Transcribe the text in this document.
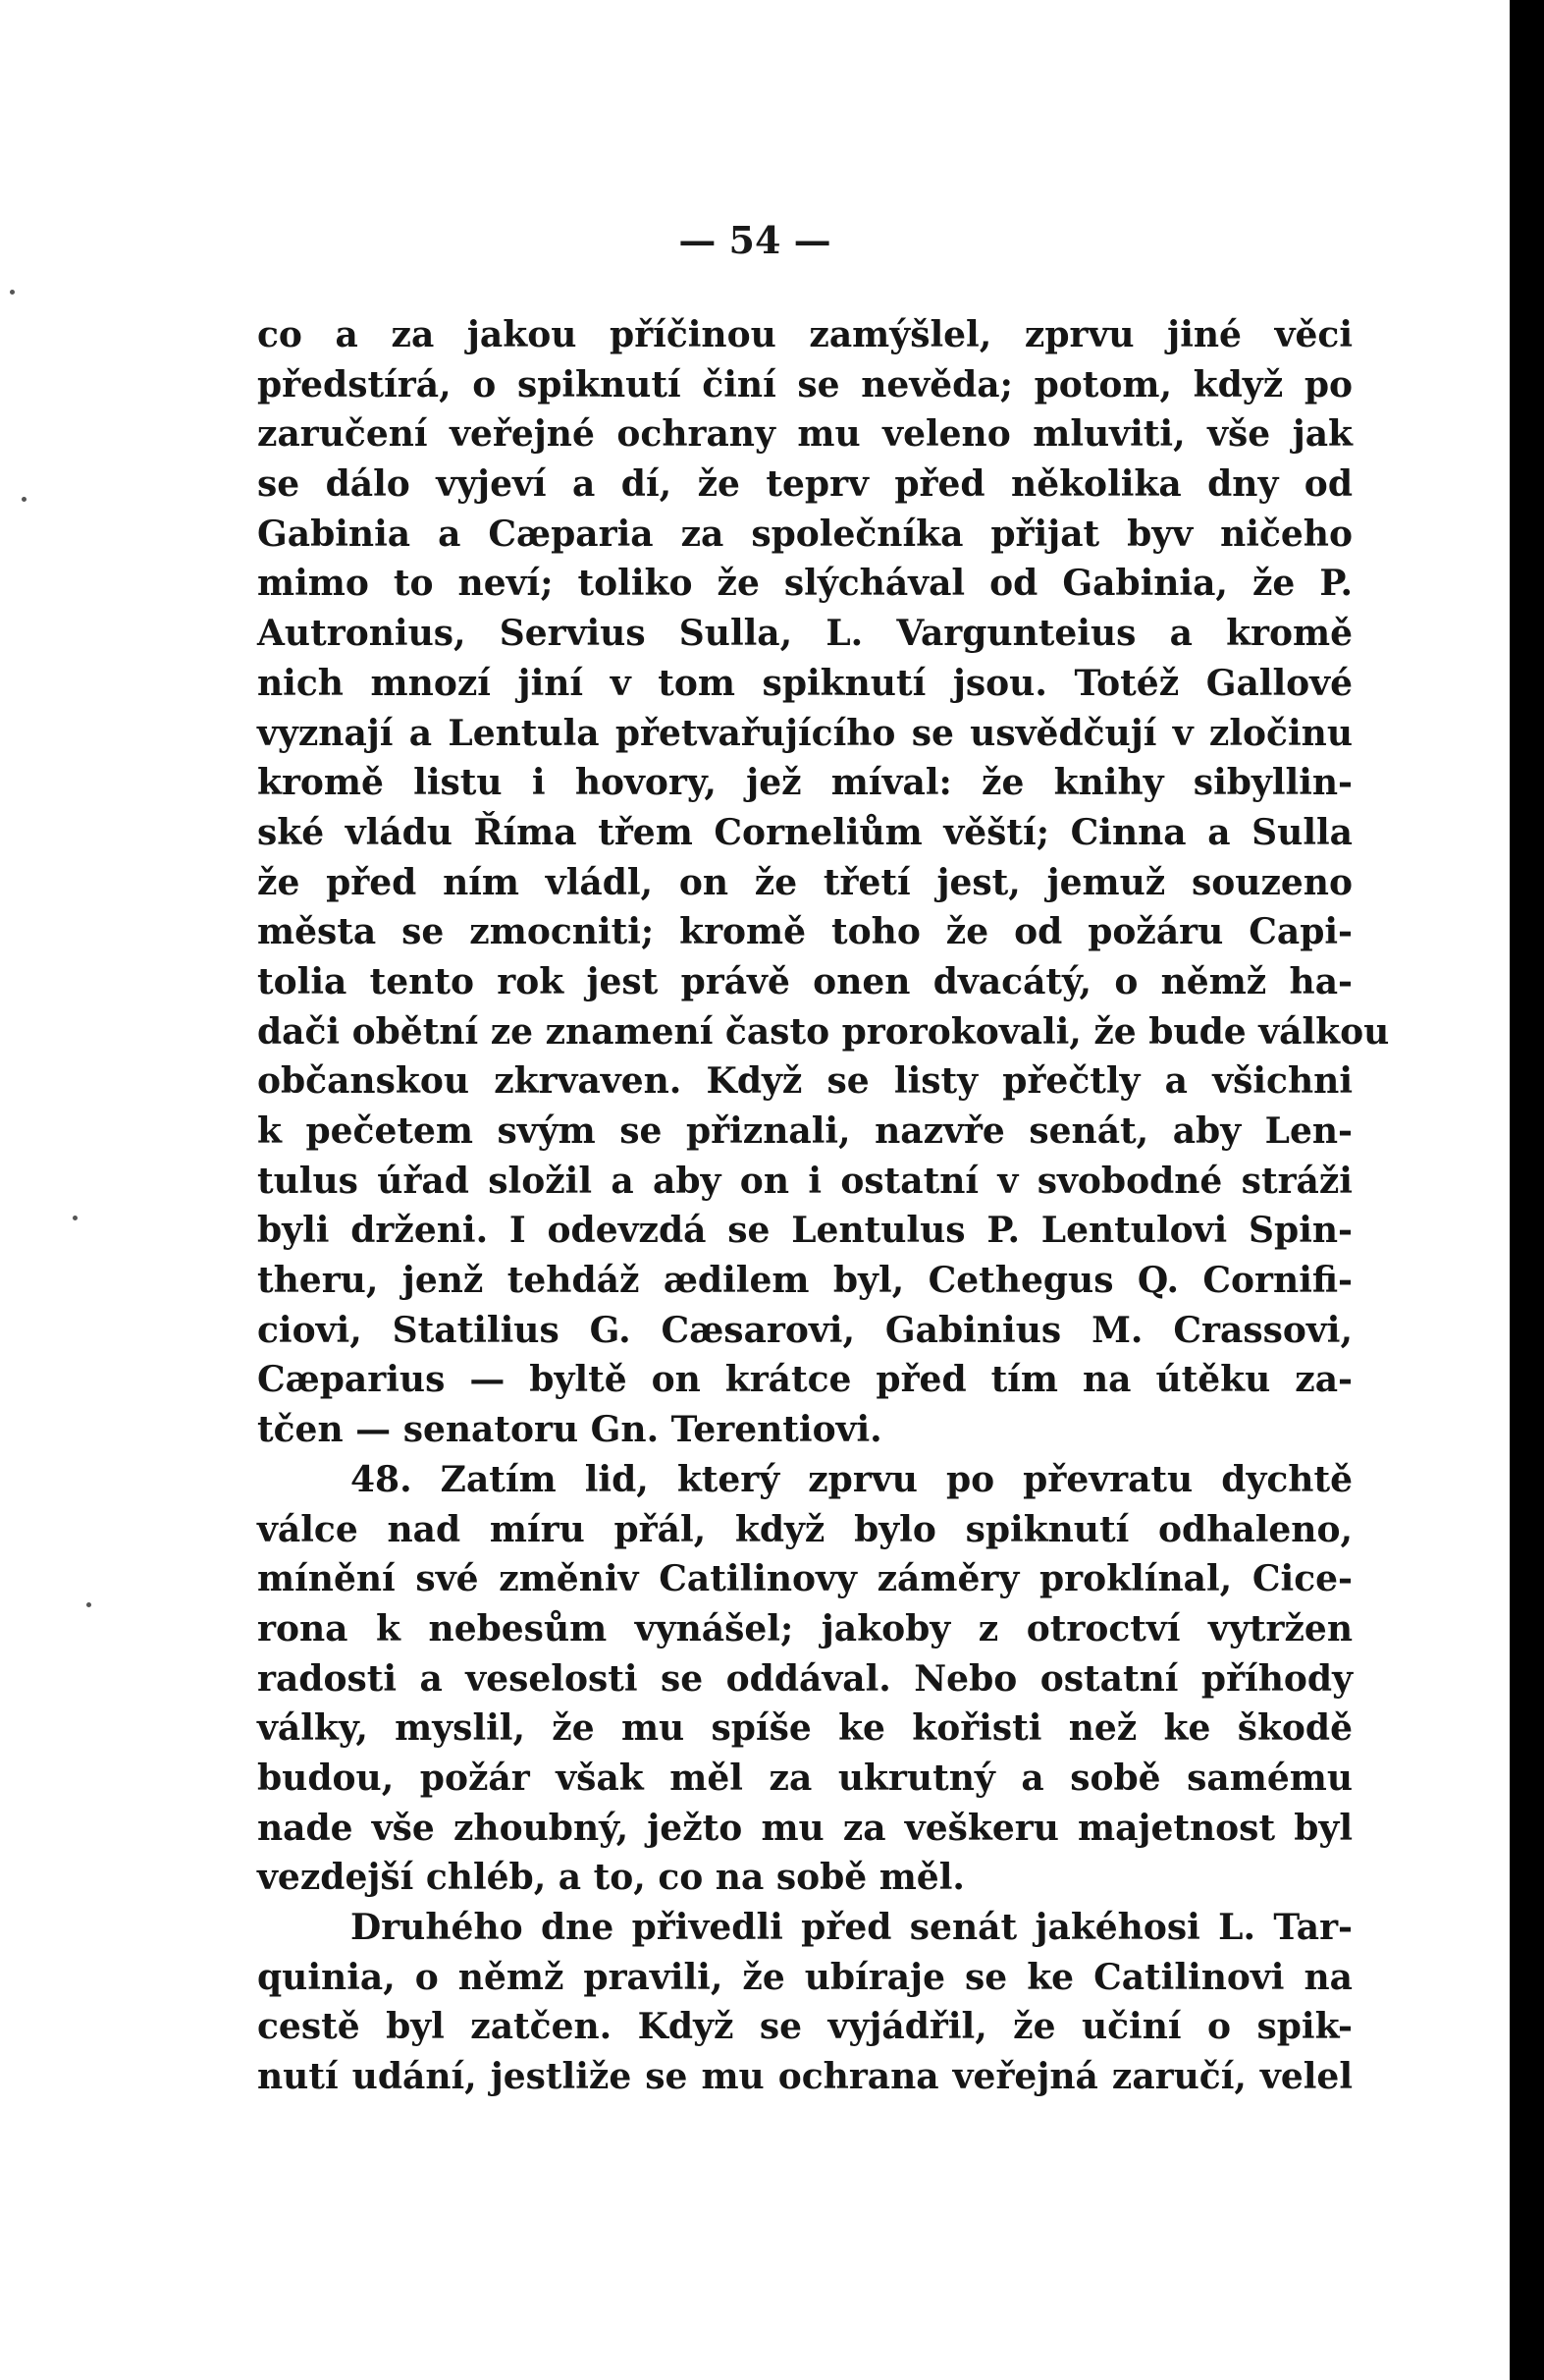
— 54 —
co a za jakou příčinou zamýšlel, zprvu jiné věci
předstírá, o spiknutí činí se nevěda; potom, když po
zaručení veřejné ochrany mu veleno mluviti, vše jak
se dálo vyjeví a dí, že teprv před několika dny od
Gabinia a Cæparia za společníka přijat byv ničeho
mimo to neví; toliko že slýchával od Gabinia, že P.
Autronius, Servius Sulla, L. Vargunteius a kromě
nich mnozí jiní v tom spiknutí jsou. Totéž Gallové
vyznají a Lentula přetvařujícího se usvědčují v zločinu
kromě listu i hovory, jež míval: že knihy sibyllin-
ské vládu Říma třem Corneliům věští; Cinna a Sulla
že před ním vládl, on že třetí jest, jemuž souzeno
města se zmocniti; kromě toho že od požáru Capi-
tolia tento rok jest právě onen dvacátý, o němž ha-
dači obětní ze znamení často prorokovali, že bude válkou
občanskou zkrvaven. Když se listy přečtly a všichni
k pečetem svým se přiznali, nazvře senát, aby Len-
tulus úřad složil a aby on i ostatní v svobodné stráži
byli drženi. I odevzdá se Lentulus P. Lentulovi Spin-
theru, jenž tehdáž ædilem byl, Cethegus Q. Cornifi-
ciovi, Statilius G. Cæsarovi, Gabinius M. Crassovi,
Cæparius — byltě on krátce před tím na útěku za-
tčen — senatoru Gn. Terentiovi.
48. Zatím lid, který zprvu po převratu dychtě
válce nad míru přál, když bylo spiknutí odhaleno,
mínění své změniv Catilinovy záměry proklínal, Cice-
rona k nebesům vynášel; jakoby z otroctví vytržen
radosti a veselosti se oddával. Nebo ostatní příhody
války, myslil, že mu spíše ke kořisti než ke škodě
budou, požár však měl za ukrutný a sobě samému
nade vše zhoubný, ježto mu za veškeru majetnost byl
vezdejší chléb, a to, co na sobě měl.
Druhého dne přivedli před senát jakéhosi L. Tar-
quinia, o němž pravili, že ubíraje se ke Catilinovi na
cestě byl zatčen. Když se vyjádřil, že učiní o spik-
nutí udání, jestliže se mu ochrana veřejná zaručí, velel
